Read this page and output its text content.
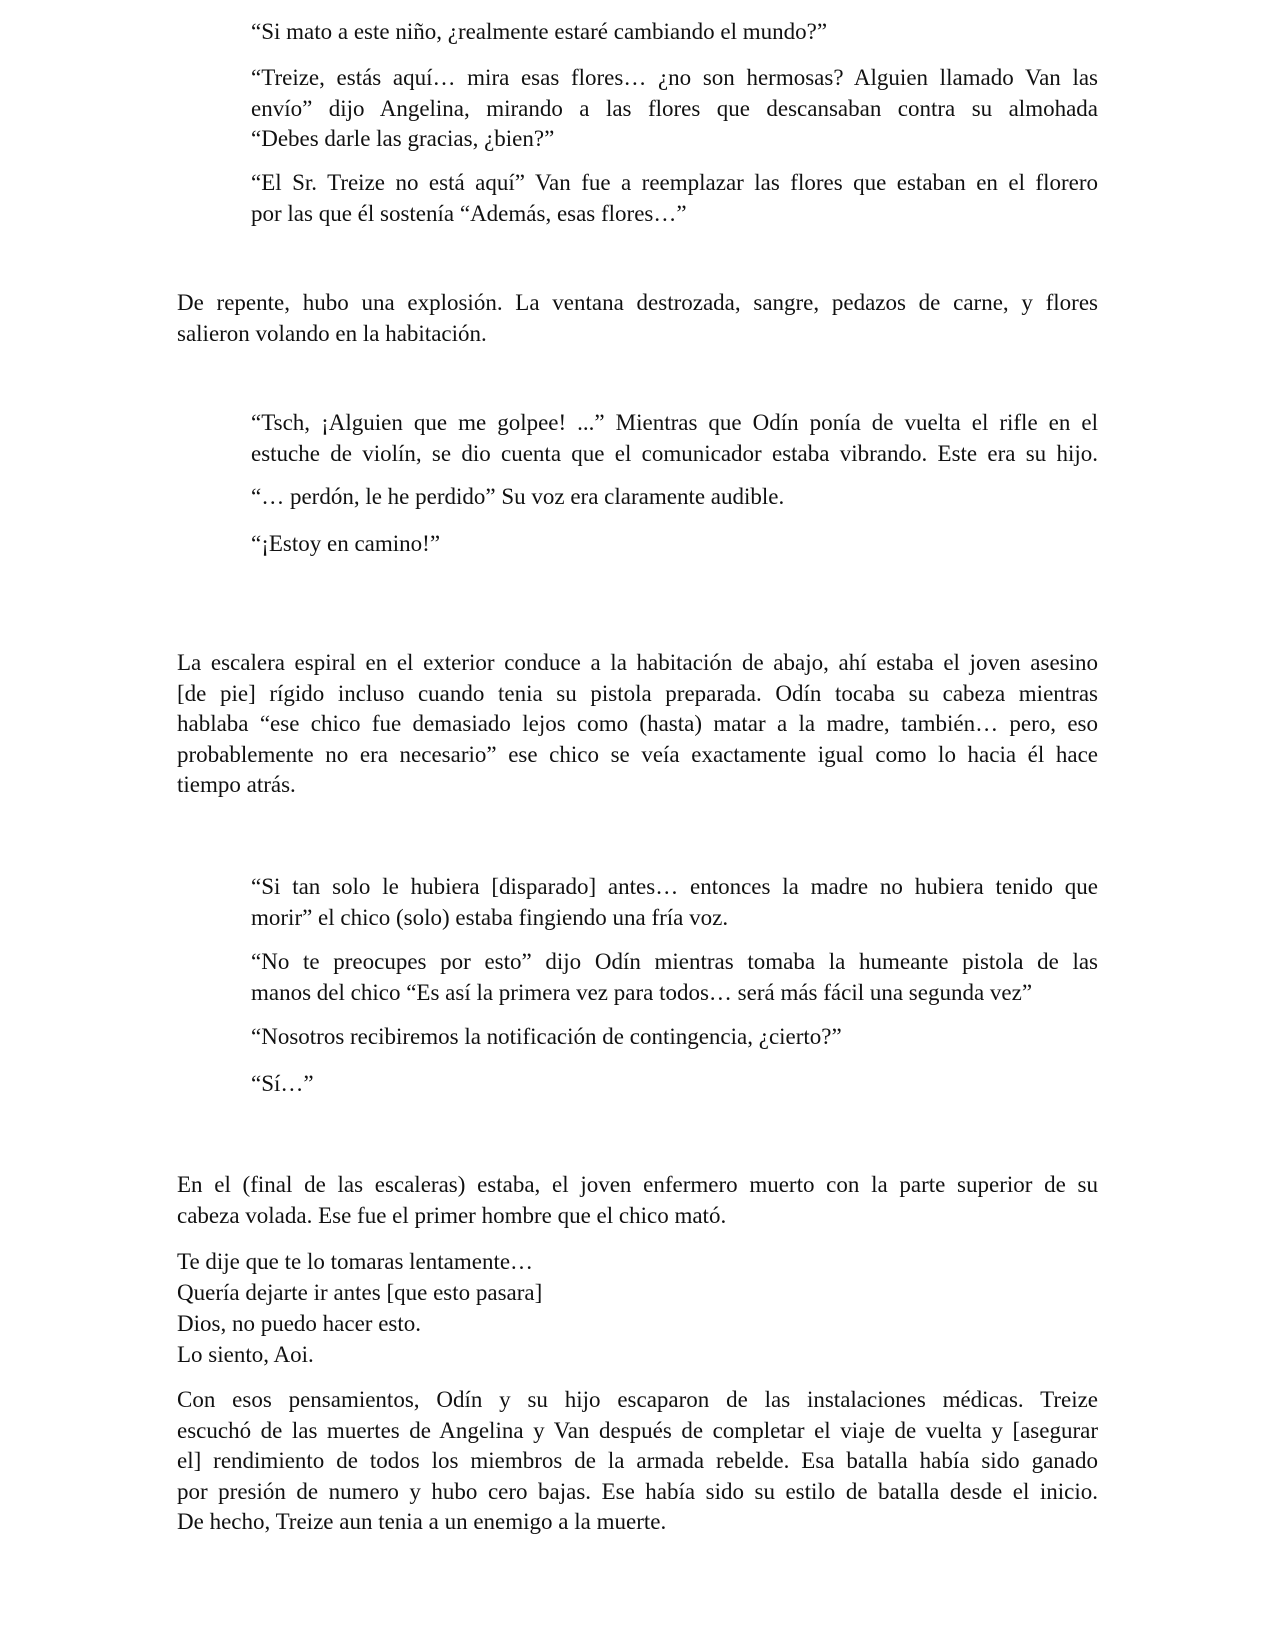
“Si mato a este niño, ¿realmente estaré cambiando el mundo?”

“Treize, estás aquí… mira esas flores… ¿no son hermosas? Alguien llamado Van las
envío” dijo Angelina, mirando a las flores que descansaban contra su almohada
“Debes darle las gracias, ¿bien?”

“El Sr. Treize no está aquí” Van fue a reemplazar las flores que estaban en el florero
por las que él sostenía “Además, esas flores…”

De repente, hubo una explosión. La ventana destrozada, sangre, pedazos de carne, y flores
salieron volando en la habitación.

“Tsch, ¡Alguien que me golpee! ...” Mientras que Odín ponía de vuelta el rifle en el
estuche de violín, se dio cuenta que el comunicador estaba vibrando. Este era su hijo.

“… perdón, le he perdido” Su voz era claramente audible.

“¡Estoy en camino!”

La escalera espiral en el exterior conduce a la habitación de abajo, ahí estaba el joven asesino
[de pie] rígido incluso cuando tenia su pistola preparada. Odín tocaba su cabeza mientras
hablaba “ese chico fue demasiado lejos como (hasta) matar a la madre, también… pero, eso
probablemente no era necesario” ese chico se veía exactamente igual como lo hacia él hace
tiempo atrás.

“Si tan solo le hubiera [disparado] antes… entonces la madre no hubiera tenido que
morir” el chico (solo) estaba fingiendo una fría voz.

“No te preocupes por esto” dijo Odín mientras tomaba la humeante pistola de las
manos del chico “Es así la primera vez para todos… será más fácil una segunda vez”

“Nosotros recibiremos la notificación de contingencia, ¿cierto?”

“Sí…”

En el (final de las escaleras) estaba, el joven enfermero muerto con la parte superior de su
cabeza volada. Ese fue el primer hombre que el chico mató.

Te dije que te lo tomaras lentamente…
Quería dejarte ir antes [que esto pasara]
Dios, no puedo hacer esto.
Lo siento, Aoi.

Con esos pensamientos, Odín y su hijo escaparon de las instalaciones médicas. Treize
escuchó de las muertes de Angelina y Van después de completar el viaje de vuelta y [asegurar
el] rendimiento de todos los miembros de la armada rebelde. Esa batalla había sido ganado
por presión de numero y hubo cero bajas. Ese había sido su estilo de batalla desde el inicio.
De hecho, Treize aun tenia a un enemigo a la muerte.
